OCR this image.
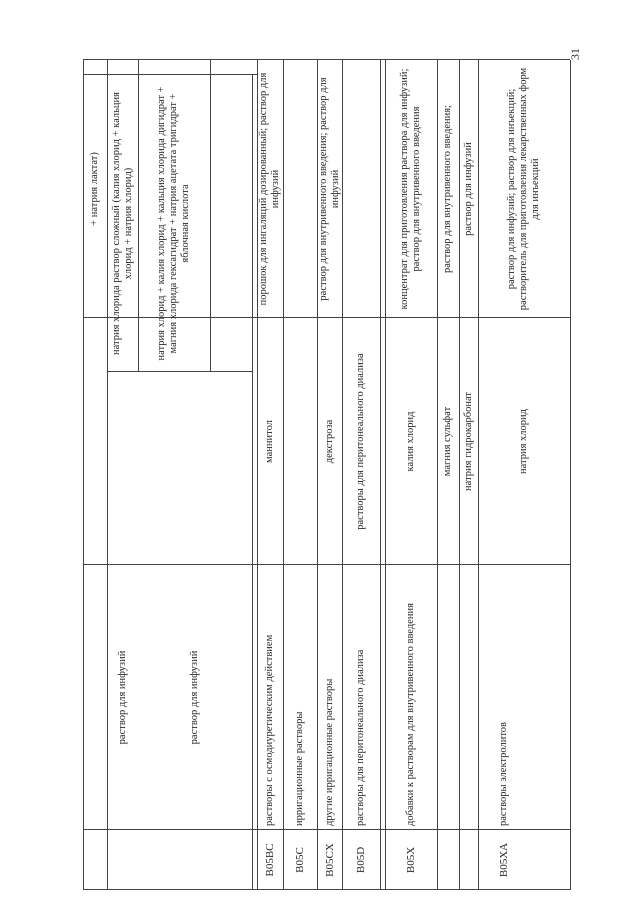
31
+ натрия лактат) натрия хлорида раствор сложный (калия хлорид + кальция хлорид + натрия хлорид)
раствор для инфузий
натрия хлорид + калия хлорид + кальция хлорида дигидрат + магния хлорида гексагидрат + натрия ацетата тригидрат + яблочная кислота
раствор для инфузий
B05BC
растворы с осмодиуретическим действием
маннитол
порошок для ингаляций дозированный; раствор для инфузий
B05C
ирригационные растворы
B05CX
другие ирригационные растворы
декстроза
раствор для внутривенного введения; раствор для инфузий
B05D
растворы для перитонеального диализа
растворы для перитонеального диализа
B05X
добавки к растворам для внутривенного введения
B05XA
растворы электролитов
калия хлорид
концентрат для приготовления раствора для инфузий; раствор для внутривенного введения
магния сульфат
раствор для внутривенного введения;
натрия гидрокарбонат
раствор для инфузий
натрия хлорид
раствор для инфузий; раствор для инъекций; растворитель для приготовления лекарственных форм для инъекций
